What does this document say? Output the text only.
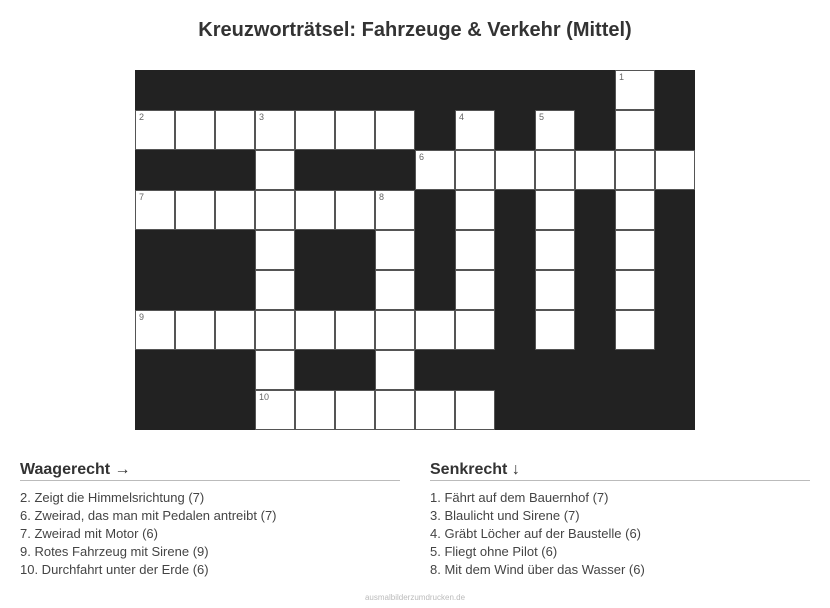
Kreuzworträtsel: Fahrzeuge & Verkehr (Mittel)
1
2	3	4	5
6
7	8
9
10
Waagerecht →
2. Zeigt die Himmelsrichtung (7)
6. Zweirad, das man mit Pedalen antreibt (7)
7. Zweirad mit Motor (6)
9. Rotes Fahrzeug mit Sirene (9)
10. Durchfahrt unter der Erde (6)
Senkrecht ↓
1. Fährt auf dem Bauernhof (7)
3. Blaulicht und Sirene (7)
4. Gräbt Löcher auf der Baustelle (6)
5. Fliegt ohne Pilot (6)
8. Mit dem Wind über das Wasser (6)
ausmalbilderzumdrucken.de
